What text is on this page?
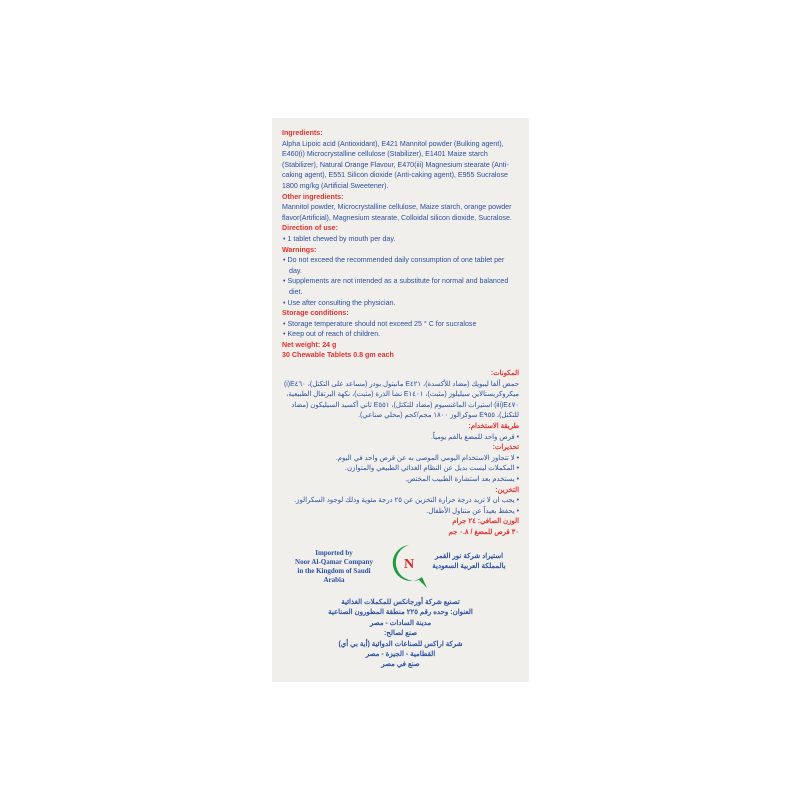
Ingredients:

Alpha Lipoic acid (Antioxidant), E421 Mannitol powder (Bulking agent), E460(i) Microcrystalline cellulose (Stabilizer), E1401 Maize starch (Stabilizer), Natural Orange Flavour, E470(iii) Magnesium stearate (Anti-caking agent), E551 Silicon dioxide (Anti-caking agent), E955 Sucralose 1800 mg/kg (Artificial Sweetener).

Other ingredients:

Mannitol powder, Microcrystalline cellulose, Maize starch, orange powder flavor(Artificial), Magnesium stearate, Colloidal silicon dioxide, Sucralose.

Direction of use:

• 1 tablet chewed by mouth per day.

Warnings:

• Do not exceed the recommended daily consumption of one tablet per day.

• Supplements are not intended as a substitute for normal and balanced diet.

• Use after consulting the physician.

Storage conditions:

• Storage temperature should not exceed 25 ° C for sucralose

• Keep out of reach of children.

Net weight: 24 g

30 Chewable Tablets 0.8 gm each

المكونات:

حمض ألفا ليبويك (مضاد للأكسدة)، E٤٢١ مانيتول بودر (مساعد على التكتل)، E٤٦٠(i) ميكروكريستالاين سيليلوز (مثبت)، E١٤٠١ نشا الذرة (مثبت)، نكهة البرتقال الطبيعية، E٤٧٠(iii) استيرات الماغنسيوم (مضاد للتكتل)، E٥٥١ ثاني أكسيد السيليكون (مضاد للتكتل)، E٩٥٥ سوكرالوز ١٨٠٠ مجم/كجم (محلي صناعي).

طريقة الاستخدام:

• قرص واحد للمضغ بالفم يومياً.

تحذيرات:

• لا تتجاوز الاستخدام اليومي الموصى به عن قرص واحد في اليوم.

• المكملات ليست بديل عن النظام الغذائي الطبيعي والمتوازن.

• يستخدم بعد استشارة الطبيب المختص.

التخزين:

• يجب ان لا تزيد درجة حرارة التخزين عن ٢٥ درجة مئوية وذلك لوجود السكرالوز.

• يحفظ بعيداً عن متناول الأطفال.

الوزن الصافي: ٢٤ جرام

٣٠ قرص للمضغ / ٠.٨ جم

Imported by
Noor Al-Qamar Company
in the Kingdom of Saudi Arabia
N
استيراد شركة نور القمر
بالمملكة العربية السعودية

تصنيع شركة أورجانكس للمكملات الغذائية

العنوان: وحده رقم ٢٢٥ منطقة المطورون الصناعية

مدينة السادات - مصر

صنع لصالح:

شركة اراكس للصناعات الدوائية (أية بي أي)

القطامية - الجيزة - مصر

صنع في مصر
